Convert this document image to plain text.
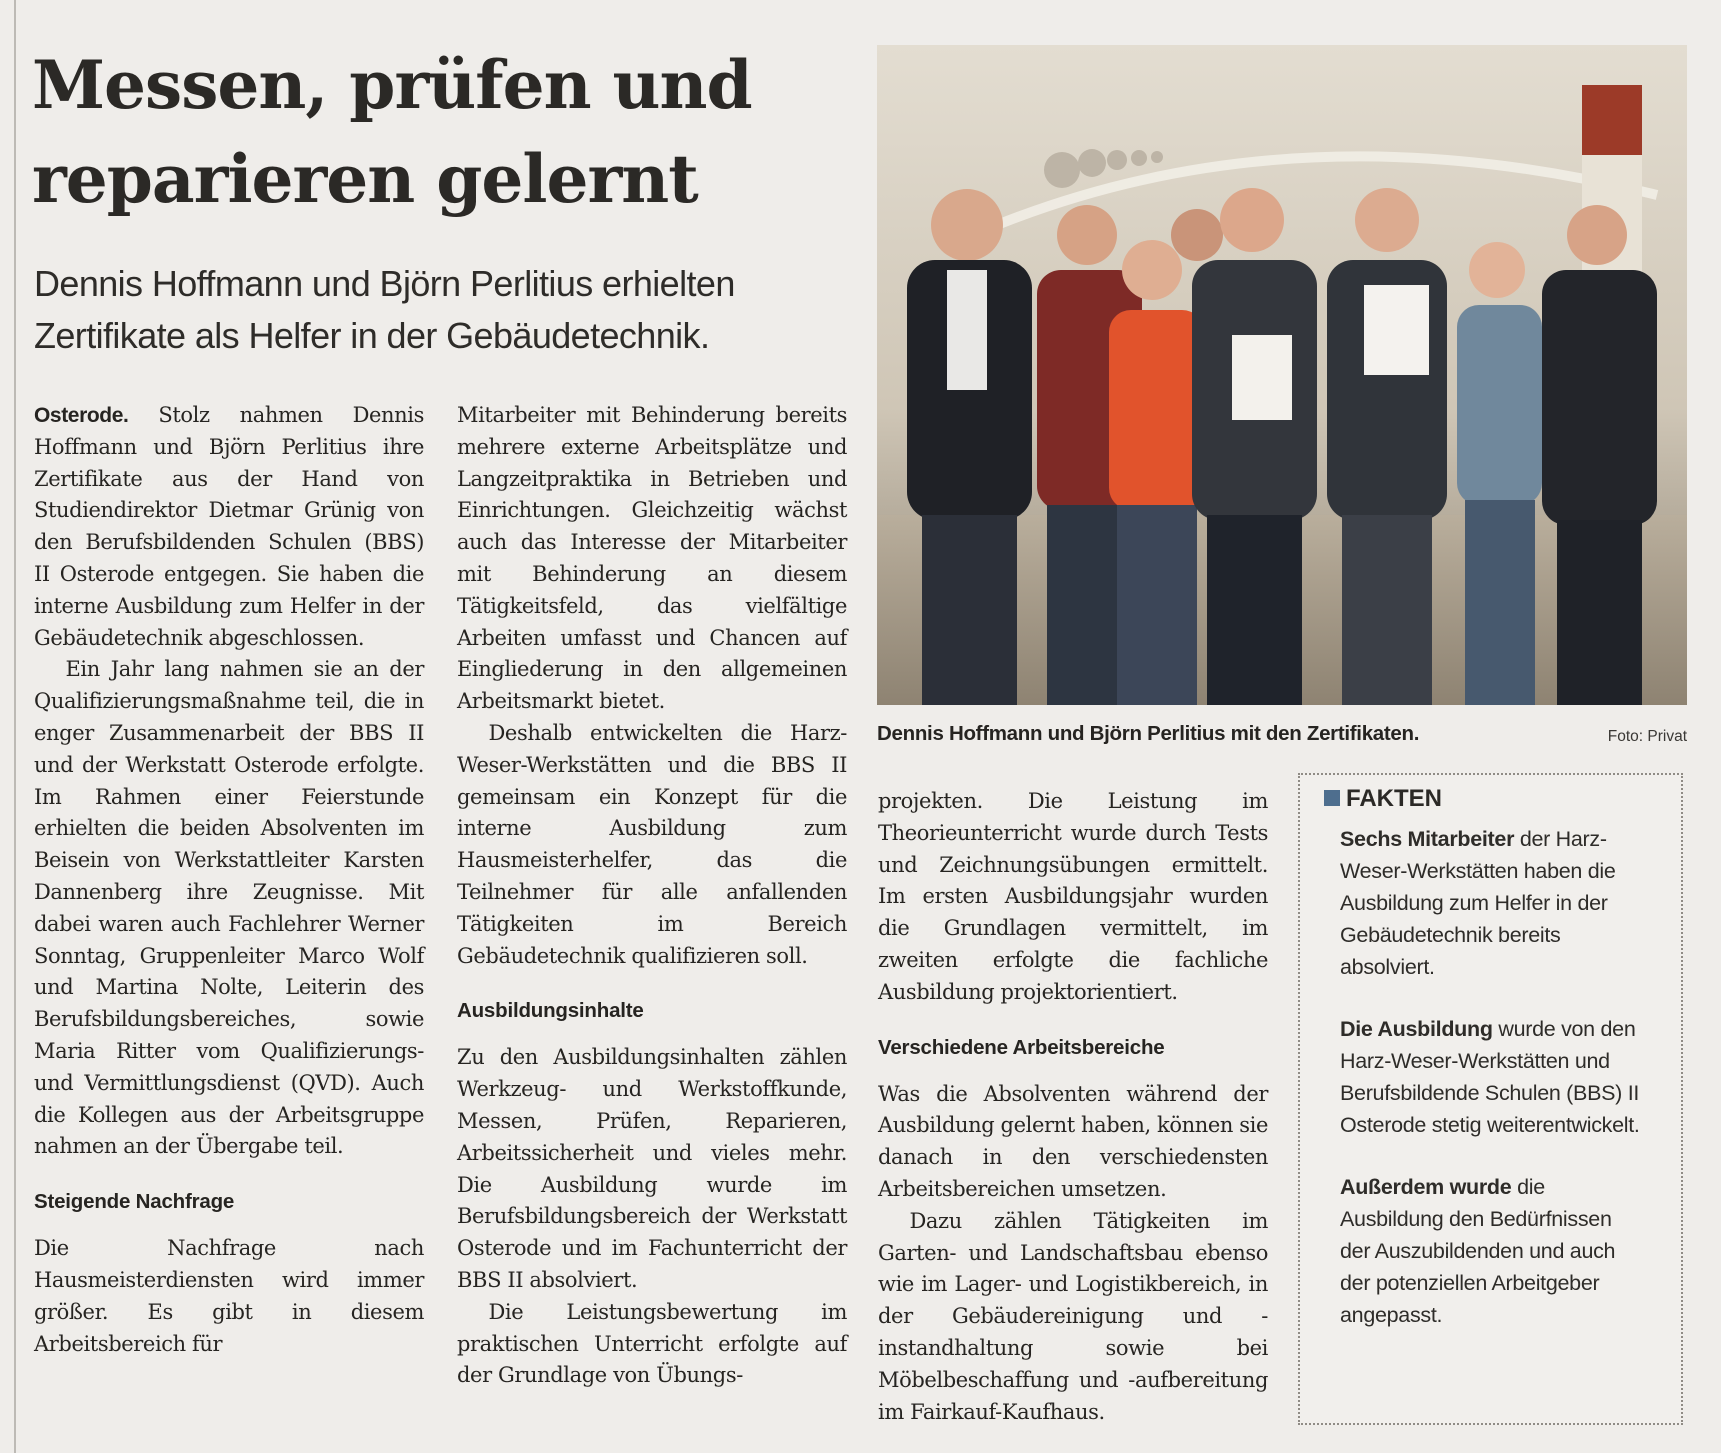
Messen, prüfen und reparieren gelernt
Dennis Hoffmann und Björn Perlitius erhielten Zertifikate als Helfer in der Gebäudetechnik.

Osterode. Stolz nahmen Dennis Hoffmann und Björn Perlitius ihre Zertifikate aus der Hand von Studiendirektor Dietmar Grünig von den Berufsbildenden Schulen (BBS) II Osterode entgegen. Sie haben die interne Ausbildung zum Helfer in der Gebäudetechnik abgeschlossen.

Ein Jahr lang nahmen sie an der Qualifizierungsmaßnahme teil, die in enger Zusammenarbeit der BBS II und der Werkstatt Osterode erfolgte. Im Rahmen einer Feierstunde erhielten die beiden Absolventen im Beisein von Werkstattleiter Karsten Dannenberg ihre Zeugnisse. Mit dabei waren auch Fachlehrer Werner Sonntag, Gruppenleiter Marco Wolf und Martina Nolte, Leiterin des Berufsbildungsbereiches, sowie Maria Ritter vom Qualifizierungs- und Vermittlungsdienst (QVD). Auch die Kollegen aus der Arbeitsgruppe nahmen an der Übergabe teil.

Steigende Nachfrage

Die Nachfrage nach Hausmeisterdiensten wird immer größer. Es gibt in diesem Arbeitsbereich für

Mitarbeiter mit Behinderung bereits mehrere externe Arbeitsplätze und Langzeitpraktika in Betrieben und Einrichtungen. Gleichzeitig wächst auch das Interesse der Mitarbeiter mit Behinderung an diesem Tätigkeitsfeld, das vielfältige Arbeiten umfasst und Chancen auf Eingliederung in den allgemeinen Arbeitsmarkt bietet.

Deshalb entwickelten die Harz-Weser-Werkstätten und die BBS II gemeinsam ein Konzept für die interne Ausbildung zum Hausmeisterhelfer, das die Teilnehmer für alle anfallenden Tätigkeiten im Bereich Gebäudetechnik qualifizieren soll.

Ausbildungsinhalte

Zu den Ausbildungsinhalten zählen Werkzeug- und Werkstoffkunde, Messen, Prüfen, Reparieren, Arbeitssicherheit und vieles mehr. Die Ausbildung wurde im Berufsbildungsbereich der Werkstatt Osterode und im Fachunterricht der BBS II absolviert.

Die Leistungsbewertung im praktischen Unterricht erfolgte auf der Grundlage von Übungs-

projekten. Die Leistung im Theorieunterricht wurde durch Tests und Zeichnungsübungen ermittelt. Im ersten Ausbildungsjahr wurden die Grundlagen vermittelt, im zweiten erfolgte die fachliche Ausbildung projektorientiert.

Verschiedene Arbeitsbereiche

Was die Absolventen während der Ausbildung gelernt haben, können sie danach in den verschiedensten Arbeitsbereichen umsetzen.

Dazu zählen Tätigkeiten im Garten- und Landschaftsbau ebenso wie im Lager- und Logistikbereich, in der Gebäudereinigung und -instandhaltung sowie bei Möbelbeschaffung und -aufbereitung im Fairkauf-Kaufhaus.

Dennis Hoffmann und Björn Perlitius mit den Zertifikaten.	Foto: Privat
FAKTEN

Sechs Mitarbeiter der Harz-Weser-Werkstätten haben die Ausbildung zum Helfer in der Gebäudetechnik bereits absolviert.

Die Ausbildung wurde von den Harz-Weser-Werkstätten und Berufsbildende Schulen (BBS) II Osterode stetig weiterentwickelt.

Außerdem wurde die Ausbildung den Bedürfnissen der Auszubildenden und auch der potenziellen Arbeitgeber angepasst.
